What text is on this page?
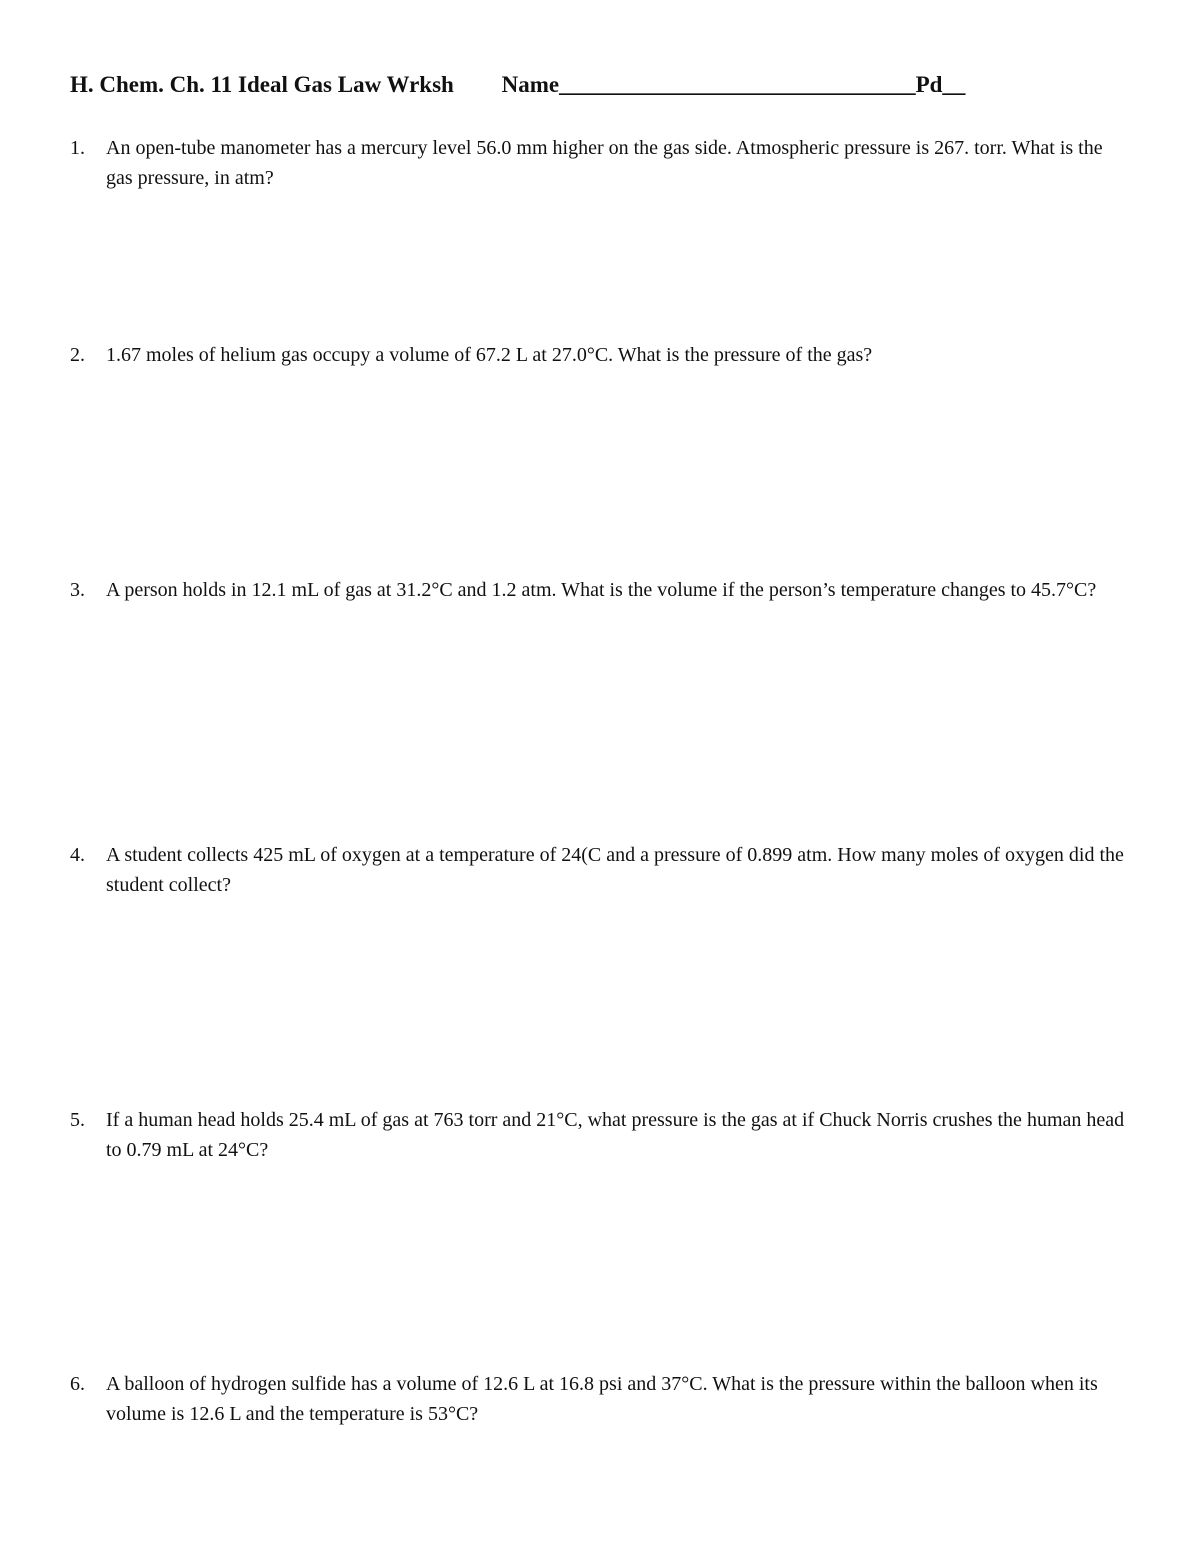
H. Chem. Ch. 11 Ideal Gas Law Wrksh Name_______________________________Pd__
1.	An open-tube manometer has a mercury level 56.0 mm higher on the gas side. Atmospheric pressure is 267. torr. What is the gas pressure, in atm?
2.	1.67 moles of helium gas occupy a volume of 67.2 L at 27.0°C. What is the pressure of the gas?
3.	A person holds in 12.1 mL of gas at 31.2°C and 1.2 atm. What is the volume if the person’s temperature changes to 45.7°C?
4.	A student collects 425 mL of oxygen at a temperature of 24(C and a pressure of 0.899 atm. How many moles of oxygen did the student collect?
5.	If a human head holds 25.4 mL of gas at 763 torr and 21°C, what pressure is the gas at if Chuck Norris crushes the human head to 0.79 mL at 24°C?
6.	A balloon of hydrogen sulfide has a volume of 12.6 L at 16.8 psi and 37°C. What is the pressure within the balloon when its volume is 12.6 L and the temperature is 53°C?
